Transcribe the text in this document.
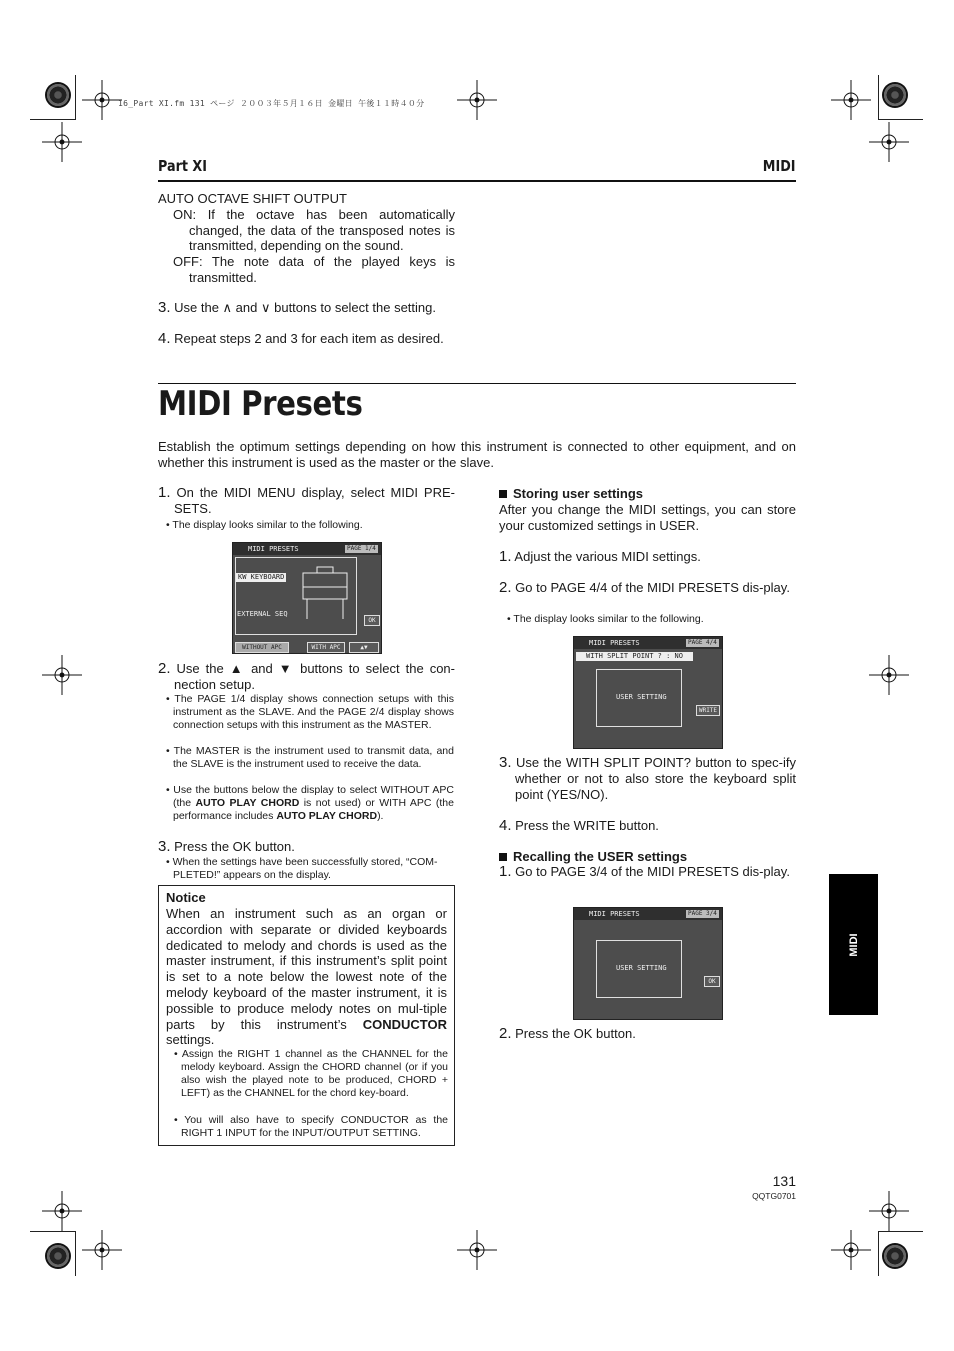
16_Part XI.fm 131 ページ ２００３年５月１６日 金曜日 午後１１時４０分
Part XI	MIDI
AUTO OCTAVE SHIFT OUTPUT
ON: If the octave has been automatically changed, the data of the transposed notes is transmitted, depending on the sound.
OFF: The note data of the played keys is transmitted.
3. Use the ∧ and ∨ buttons to select the setting.
4. Repeat steps 2 and 3 for each item as desired.
MIDI Presets
Establish the optimum settings depending on how this instrument is connected to other equipment, and on whether this instrument is used as the master or the slave.
1. On the MIDI MENU display, select MIDI PRE-SETS.
• The display looks similar to the following.
MIDI PRESETS	PAGE 1/4
KW KEYBOARD
EXTERNAL SEQ
OK
WITHOUT APC	WITH APC	▲▼
2. Use the ▲ and ▼ buttons to select the con-nection setup.
• The PAGE 1/4 display shows connection setups with this instrument as the SLAVE. And the PAGE 2/4 display shows connection setups with this instrument as the MASTER.
• The MASTER is the instrument used to transmit data, and the SLAVE is the instrument used to receive the data.
• Use the buttons below the display to select WITHOUT APC (the AUTO PLAY CHORD is not used) or WITH APC (the performance includes AUTO PLAY CHORD).
3. Press the OK button.
• When the settings have been successfully stored, “COM-PLETED!” appears on the display.
Notice
When an instrument such as an organ or accordion with separate or divided keyboards dedicated to melody and chords is used as the master instrument, if this instrument’s split point is set to a note below the lowest note of the melody keyboard of the master instrument, it is possible to produce melody notes on mul-tiple parts by this instrument’s CONDUCTOR settings.
• Assign the RIGHT 1 channel as the CHANNEL for the melody keyboard. Assign the CHORD channel (or if you also wish the played note to be produced, CHORD + LEFT) as the CHANNEL for the chord key-board.
• You will also have to specify CONDUCTOR as the RIGHT 1 INPUT for the INPUT/OUTPUT SETTING.
Storing user settings
After you change the MIDI settings, you can store your customized settings in USER.
1. Adjust the various MIDI settings.
2. Go to PAGE 4/4 of the MIDI PRESETS dis-play.
• The display looks similar to the following.
MIDI PRESETS	PAGE 4/4
WITH SPLIT POINT ? : NO
USER SETTING
WRITE
3. Use the WITH SPLIT POINT? button to spec-ify whether or not to also store the keyboard split point (YES/NO).
4. Press the WRITE button.
Recalling the USER settings
1. Go to PAGE 3/4 of the MIDI PRESETS dis-play.
MIDI PRESETS	PAGE 3/4
USER SETTING
OK
2. Press the OK button.
MIDI
131
QQTG0701
